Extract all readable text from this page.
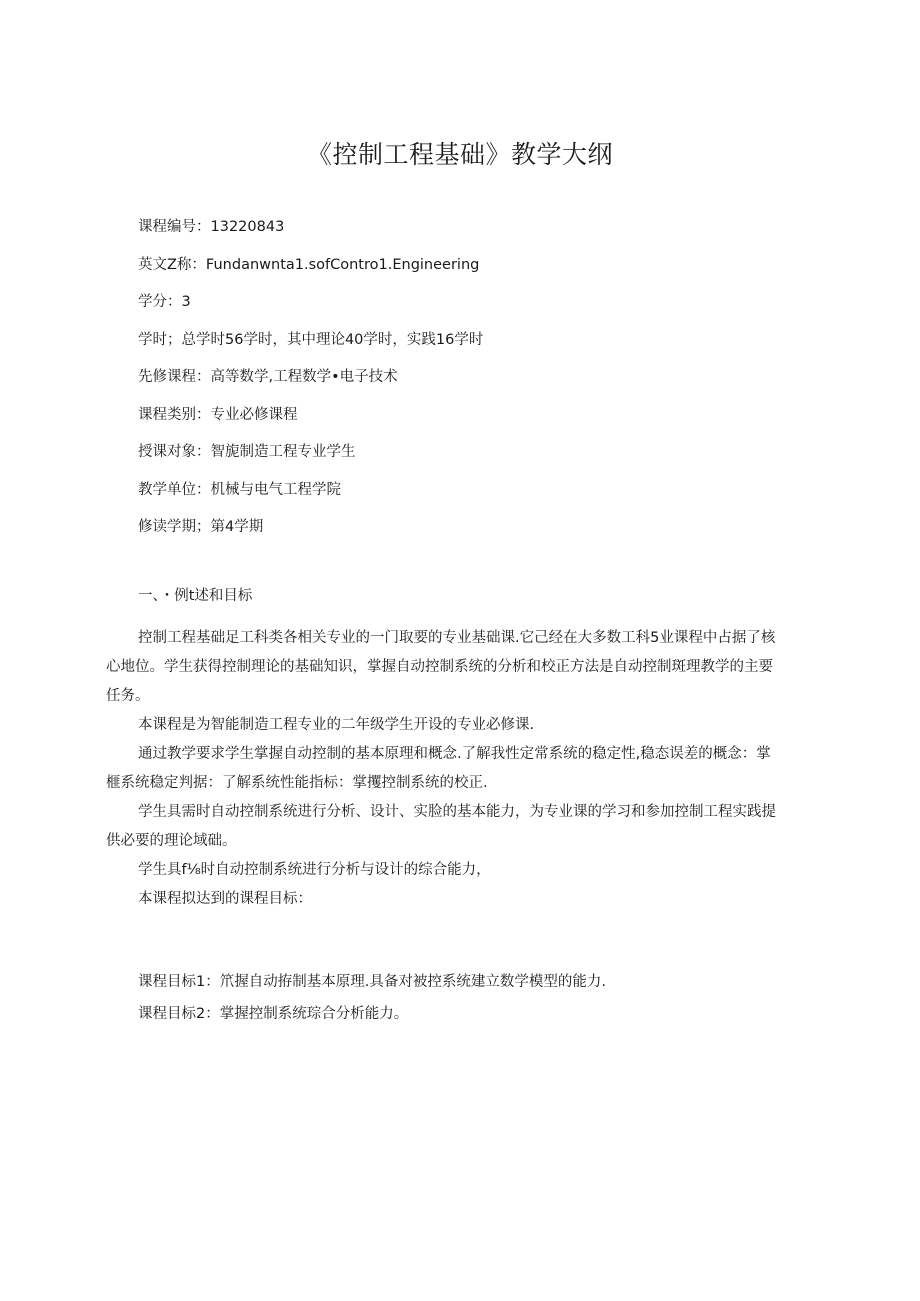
《控制工程基础》教学大纲
课程编号：13220843
英文Z称：Fundanwnta1.sofContro1.Engineering
学分：3
学时；总学时56学时，其中理论40学时，实践16学时
先修课程：高等数学,工程数学•电子技术
课程类别：专业必修课程
授课对象：智旎制造工程专业学生
教学单位：机械与电气工程学院
修读学期；第4学期
一、・例t述和目标
控制工程基础足工科类各相关专业的一门取要的专业基础课.它己经在大多数工科5业课程中占据了核
心地位。学生获得控制理论的基础知识，掌握自动控制系统的分析和校正方法是自动控制斑理教学的主要
任务。
本课程是为智能制造工程专业的二年级学生开设的专业必修课.
通过教学要求学生掌握自动控制的基本原理和概念.了解我性定常系统的稳定性,稳态误差的概念：掌
榧系统稳定判据：了解系统性能指标：掌攫控制系统的校正.
学生具需时自动控制系统进行分析、设计、实脸的基本能力，为专业课的学习和参加控制工程实践提
供必要的理论域础。
学生具f⅛时自动控制系统进行分析与设计的综合能力，
本课程拟达到的课程目标：
课程目标1：笊握自动拵制基本原理.具备对被控系统建立数学模型的能力.
课程目标2：掌握控制系统琮合分析能力。
